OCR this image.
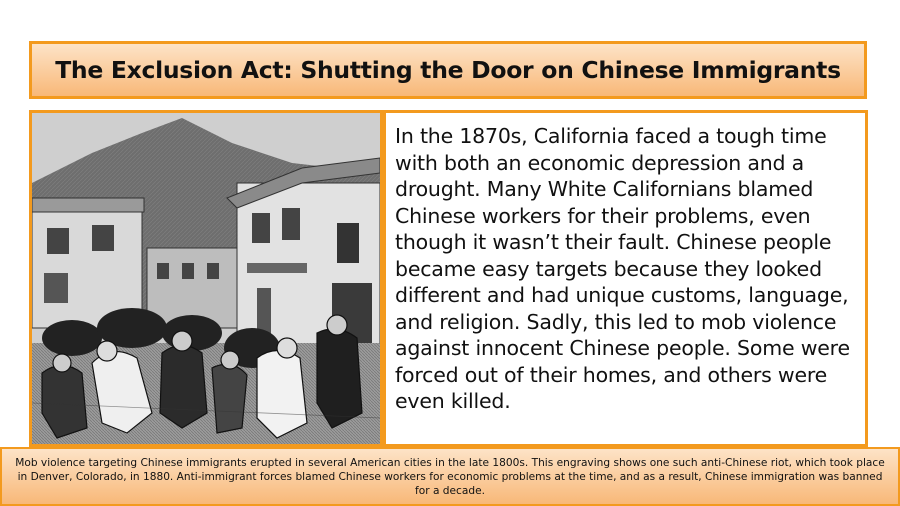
The Exclusion Act: Shutting the Door on Chinese Immigrants

In the 1870s, California faced a tough time with both an economic depression and a drought. Many White Californians blamed Chinese workers for their problems, even though it wasn’t their fault. Chinese people became easy targets because they looked different and had unique customs, language, and religion. Sadly, this led to mob violence against innocent Chinese people. Some were forced out of their homes, and others were even killed.

Mob violence targeting Chinese immigrants erupted in several American cities in the late 1800s. This engraving shows one such anti-Chinese riot, which took place in Denver, Colorado, in 1880. Anti-immigrant forces blamed Chinese workers for economic problems at the time, and as a result, Chinese immigration was banned for a decade.
